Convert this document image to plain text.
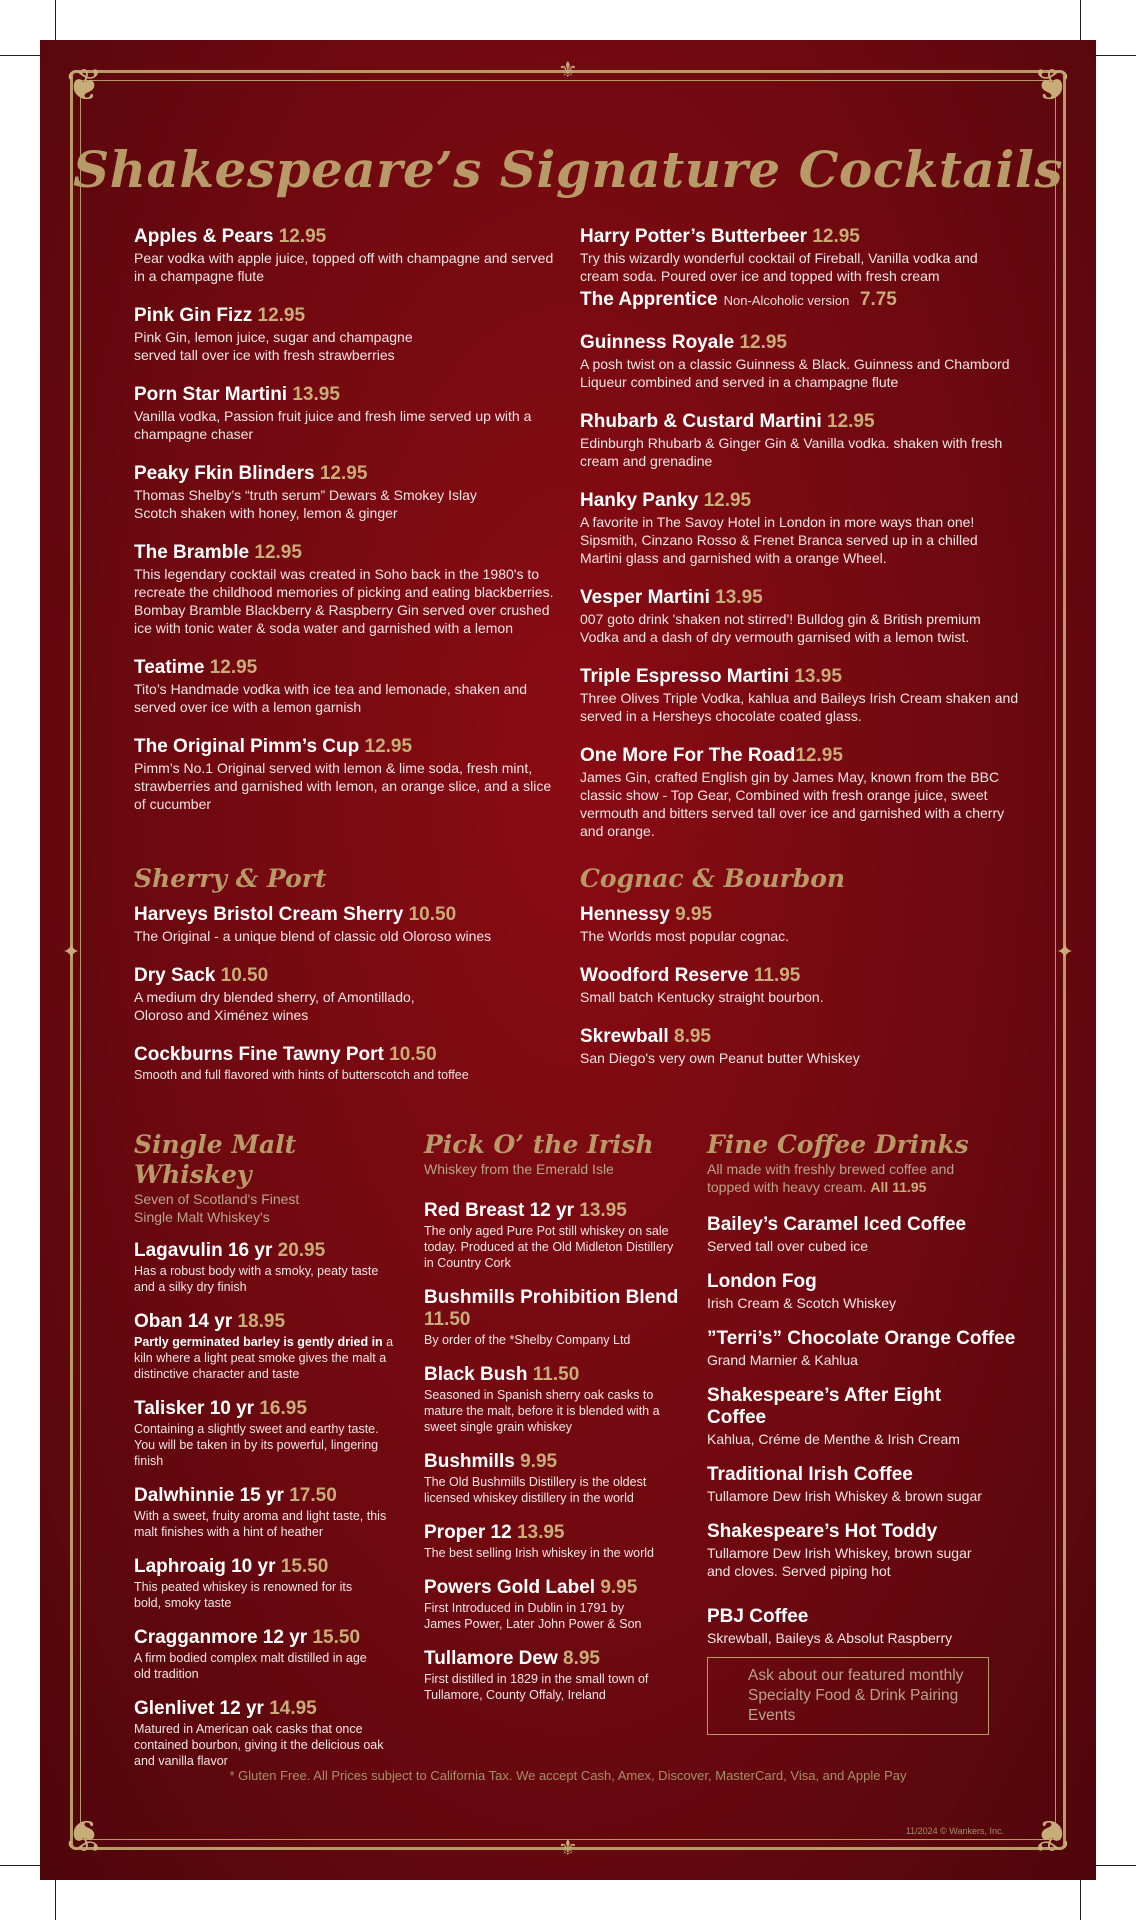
❦	❦
❦	❦
⚜
⚜
✦	✦
Shakespeare’s Signature Cocktails
Apples & Pears 12.95
Pear vodka with apple juice, topped off with champagne and served in a champagne flute
Pink Gin Fizz 12.95
Pink Gin, lemon juice, sugar and champagne served tall over ice with fresh strawberries
Porn Star Martini 13.95
Vanilla vodka, Passion fruit juice and fresh lime served up with a champagne chaser
Peaky Fkin Blinders 12.95
Thomas Shelby’s “truth serum” Dewars & Smokey Islay Scotch shaken with honey, lemon & ginger
The Bramble 12.95
This legendary cocktail was created in Soho back in the 1980's to recreate the childhood memories of picking and eating blackberries. Bombay Bramble Blackberry & Raspberry Gin served over crushed ice with tonic water & soda water and garnished with a lemon
Teatime 12.95
Tito’s Handmade vodka with ice tea and lemonade, shaken and served over ice with a lemon garnish
The Original Pimm’s Cup 12.95
Pimm’s No.1 Original served with lemon & lime soda, fresh mint, strawberries and garnished with lemon, an orange slice, and a slice of cucumber
Harry Potter’s Butterbeer 12.95
Try this wizardly wonderful cocktail of Fireball, Vanilla vodka and cream soda. Poured over ice and topped with fresh cream
The Apprentice Non-Alcoholic version 7.75
Guinness Royale 12.95
A posh twist on a classic Guinness & Black. Guinness and Chambord Liqueur combined and served in a champagne flute
Rhubarb & Custard Martini 12.95
Edinburgh Rhubarb & Ginger Gin & Vanilla vodka. shaken with fresh cream and grenadine
Hanky Panky 12.95
A favorite in The Savoy Hotel in London in more ways than one! Sipsmith, Cinzano Rosso & Frenet Branca served up in a chilled Martini glass and garnished with a orange Wheel.
Vesper Martini 13.95
007 goto drink 'shaken not stirred'! Bulldog gin & British premium Vodka and a dash of dry vermouth garnised with a lemon twist.
Triple Espresso Martini 13.95
Three Olives Triple Vodka, kahlua and Baileys Irish Cream shaken and served in a Hersheys chocolate coated glass.
One More For The Road12.95
James Gin, crafted English gin by James May, known from the BBC classic show - Top Gear, Combined with fresh orange juice, sweet vermouth and bitters served tall over ice and garnished with a cherry and orange.
Sherry & Port
Harveys Bristol Cream Sherry 10.50
The Original - a unique blend of classic old Oloroso wines
Dry Sack 10.50
A medium dry blended sherry, of Amontillado, Oloroso and Ximénez wines
Cockburns Fine Tawny Port 10.50
Smooth and full flavored with hints of butterscotch and toffee
Cognac & Bourbon
Hennessy 9.95
The Worlds most popular cognac.
Woodford Reserve 11.95
Small batch Kentucky straight bourbon.
Skrewball 8.95
San Diego's very own Peanut butter Whiskey
Single Malt Whiskey
Seven of Scotland's Finest Single Malt Whiskey's
Lagavulin 16 yr 20.95
Has a robust body with a smoky, peaty taste and a silky dry finish
Oban 14 yr 18.95
Partly germinated barley is gently dried in a kiln where a light peat smoke gives the malt a distinctive character and taste
Talisker 10 yr 16.95
Containing a slightly sweet and earthy taste. You will be taken in by its powerful, lingering finish
Dalwhinnie 15 yr 17.50
With a sweet, fruity aroma and light taste, this malt finishes with a hint of heather
Laphroaig 10 yr 15.50
This peated whiskey is renowned for its bold, smoky taste
Cragganmore 12 yr 15.50
A firm bodied complex malt distilled in age old tradition
Glenlivet 12 yr 14.95
Matured in American oak casks that once contained bourbon, giving it the delicious oak and vanilla flavor
Pick O’ the Irish
Whiskey from the Emerald Isle
Red Breast 12 yr 13.95
The only aged Pure Pot still whiskey on sale today. Produced at the Old Midleton Distillery in Country Cork
Bushmills Prohibition Blend 11.50
By order of the *Shelby Company Ltd
Black Bush 11.50
Seasoned in Spanish sherry oak casks to mature the malt, before it is blended with a sweet single grain whiskey
Bushmills 9.95
The Old Bushmills Distillery is the oldest licensed whiskey distillery in the world
Proper 12 13.95
The best selling Irish whiskey in the world
Powers Gold Label 9.95
First Introduced in Dublin in 1791 by James Power, Later John Power & Son
Tullamore Dew 8.95
First distilled in 1829 in the small town of Tullamore, County Offaly, Ireland
Fine Coffee Drinks
All made with freshly brewed coffee and topped with heavy cream. All 11.95
Bailey’s Caramel Iced Coffee
Served tall over cubed ice
London Fog
Irish Cream & Scotch Whiskey
”Terri’s” Chocolate Orange Coffee
Grand Marnier & Kahlua
Shakespeare’s After Eight Coffee
Kahlua, Créme de Menthe & Irish Cream
Traditional Irish Coffee
Tullamore Dew Irish Whiskey & brown sugar
Shakespeare’s Hot Toddy
Tullamore Dew Irish Whiskey, brown sugar and cloves. Served piping hot
PBJ Coffee
Skrewball, Baileys & Absolut Raspberry
Ask about our featured monthly Specialty Food & Drink Pairing Events
* Gluten Free. All Prices subject to California Tax. We accept Cash, Amex, Discover, MasterCard, Visa, and Apple Pay
11/2024 © Wankers, Inc.
